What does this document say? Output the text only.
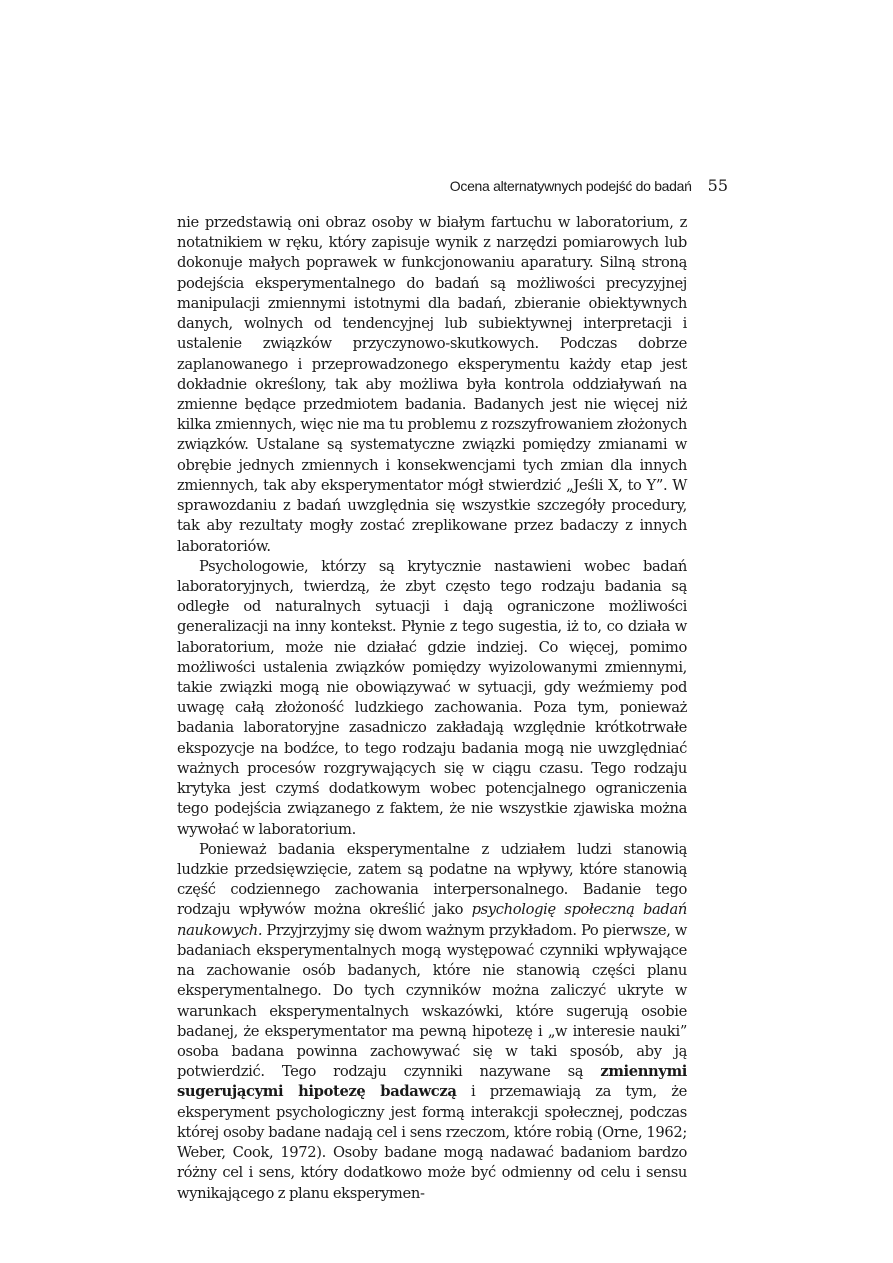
Ocena alternatywnych podejść do badań 55

nie przedstawią oni obraz osoby w białym fartuchu w laboratorium, z notatnikiem w ręku, który zapisuje wynik z narzędzi pomiarowych lub dokonuje małych poprawek w funkcjonowaniu aparatury. Silną stroną podejścia eksperymentalnego do badań są możliwości precyzyjnej manipulacji zmiennymi istotnymi dla badań, zbieranie obiektywnych danych, wolnych od tendencyjnej lub subiektywnej interpretacji i ustalenie związków przyczynowo-skutkowych. Podczas dobrze zaplanowanego i przeprowadzonego eksperymentu każdy etap jest dokładnie określony, tak aby możliwa była kontrola oddziaływań na zmienne będące przedmiotem badania. Badanych jest nie więcej niż kilka zmiennych, więc nie ma tu problemu z rozszyfrowaniem złożonych związków. Ustalane są systematyczne związki pomiędzy zmianami w obrębie jednych zmiennych i konsekwencjami tych zmian dla innych zmiennych, tak aby eksperymentator mógł stwierdzić „Jeśli X, to Y”. W sprawozdaniu z badań uwzględnia się wszystkie szczegóły procedury, tak aby rezultaty mogły zostać zreplikowane przez badaczy z innych laboratoriów.

Psychologowie, którzy są krytycznie nastawieni wobec badań laboratoryjnych, twierdzą, że zbyt często tego rodzaju badania są odległe od naturalnych sytuacji i dają ograniczone możliwości generalizacji na inny kontekst. Płynie z tego sugestia, iż to, co działa w laboratorium, może nie działać gdzie indziej. Co więcej, pomimo możliwości ustalenia związków pomiędzy wyizolowanymi zmiennymi, takie związki mogą nie obowiązywać w sytuacji, gdy weźmiemy pod uwagę całą złożoność ludzkiego zachowania. Poza tym, ponieważ badania laboratoryjne zasadniczo zakładają względnie krótkotrwałe ekspozycje na bodźce, to tego rodzaju badania mogą nie uwzględniać ważnych procesów rozgrywających się w ciągu czasu. Tego rodzaju krytyka jest czymś dodatkowym wobec potencjalnego ograniczenia tego podejścia związanego z faktem, że nie wszystkie zjawiska można wywołać w laboratorium.

Ponieważ badania eksperymentalne z udziałem ludzi stanowią ludzkie przedsięwzięcie, zatem są podatne na wpływy, które stanowią część codziennego zachowania interpersonalnego. Badanie tego rodzaju wpływów można określić jako psychologię społeczną badań naukowych. Przyjrzyjmy się dwom ważnym przykładom. Po pierwsze, w badaniach eksperymentalnych mogą występować czynniki wpływające na zachowanie osób badanych, które nie stanowią części planu eksperymentalnego. Do tych czynników można zaliczyć ukryte w warunkach eksperymentalnych wskazówki, które sugerują osobie badanej, że eksperymentator ma pewną hipotezę i „w interesie nauki” osoba badana powinna zachowywać się w taki sposób, aby ją potwierdzić. Tego rodzaju czynniki nazywane są zmiennymi sugerującymi hipotezę badawczą i przemawiają za tym, że eksperyment psychologiczny jest formą interakcji społecznej, podczas której osoby badane nadają cel i sens rzeczom, które robią (Orne, 1962; Weber, Cook, 1972). Osoby badane mogą nadawać badaniom bardzo różny cel i sens, który dodatkowo może być odmienny od celu i sensu wynikającego z planu eksperymen-
